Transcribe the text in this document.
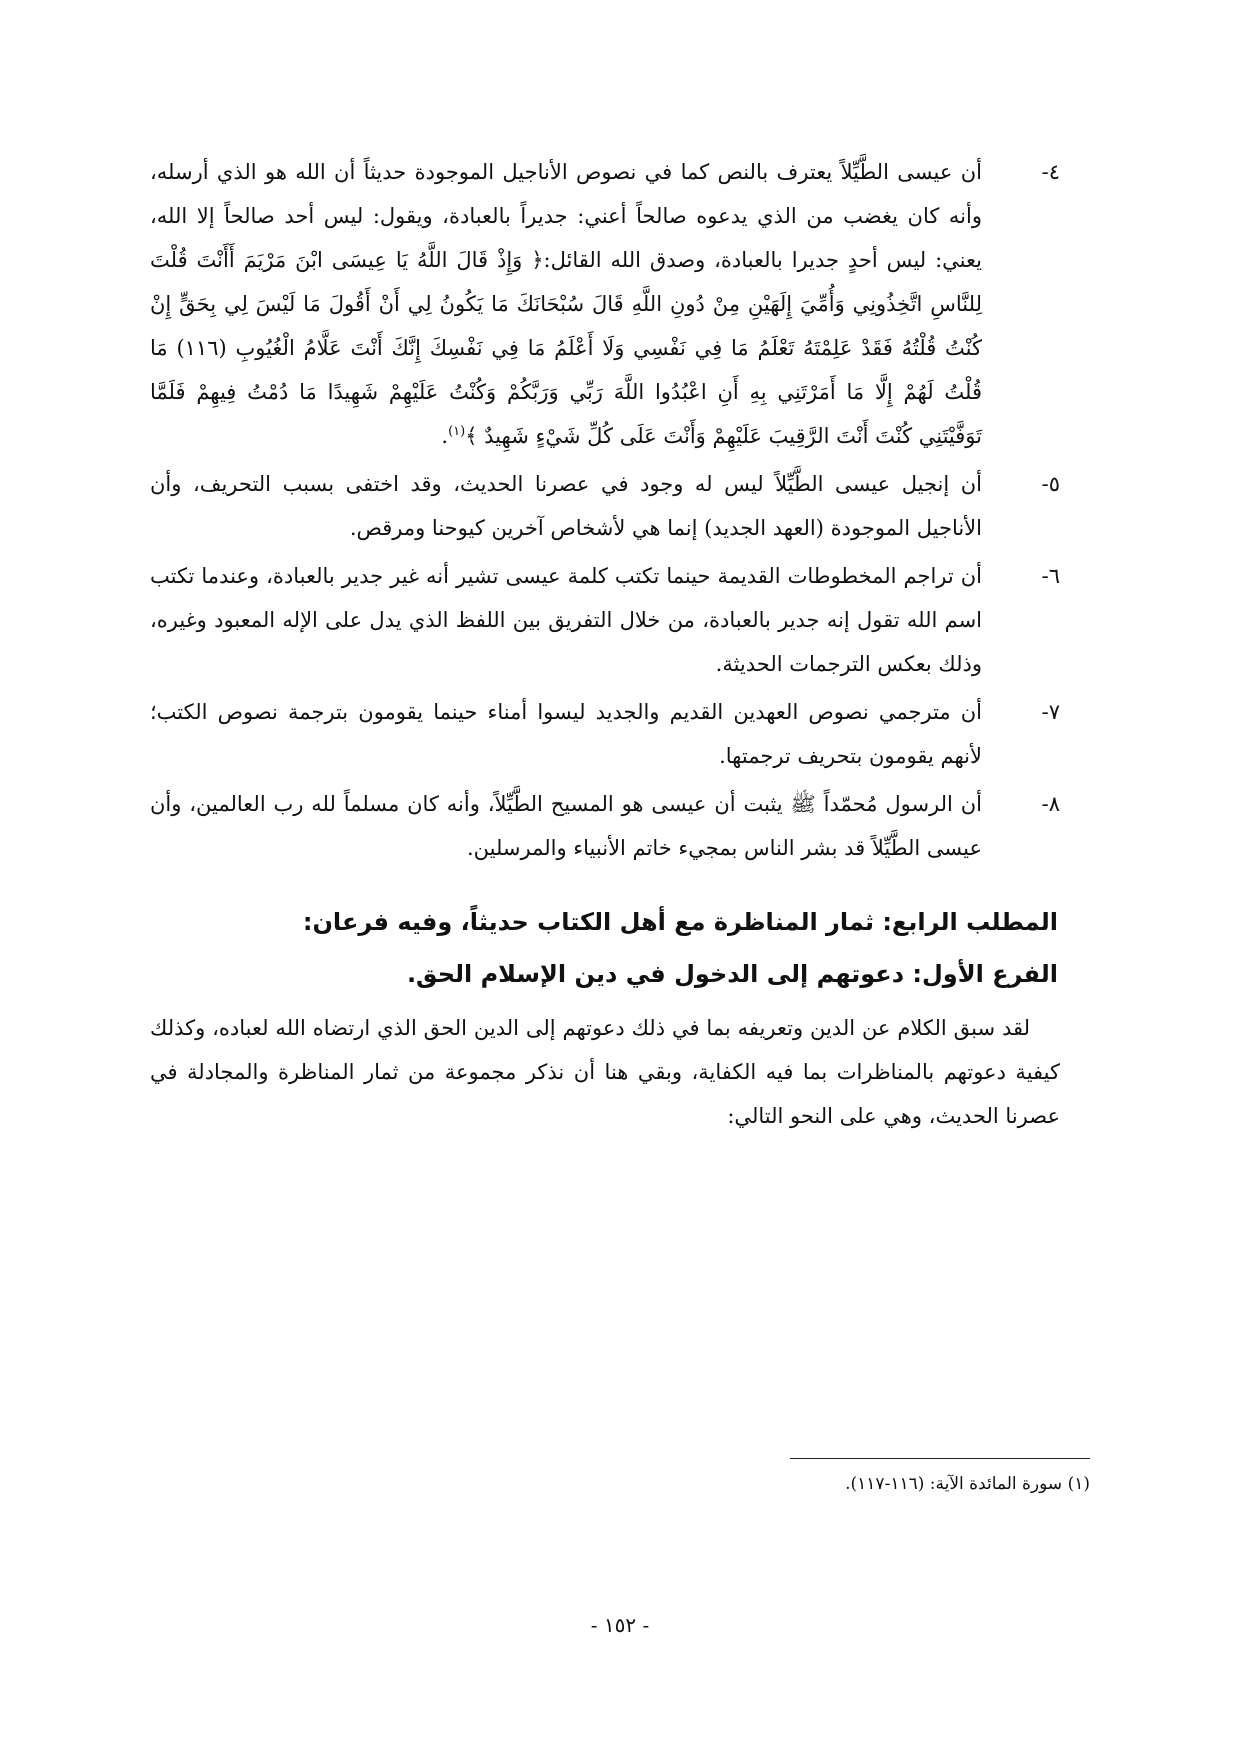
٤-
أن عيسى الطَّيِّلاً يعترف بالنص كما في نصوص الأناجيل الموجودة حديثاً أن الله هو الذي أرسله، وأنه كان يغضب من الذي يدعوه صالحاً أعني: جديراً بالعبادة، ويقول: ليس أحد صالحاً إلا الله، يعني: ليس أحدٍ جديرا بالعبادة، وصدق الله القائل:﴿ وَإِذْ قَالَ اللَّهُ يَا عِيسَى ابْنَ مَرْيَمَ أَأَنْتَ قُلْتَ لِلنَّاسِ اتَّخِذُونِي وَأُمِّيَ إِلَهَيْنِ مِنْ دُونِ اللَّهِ قَالَ سُبْحَانَكَ مَا يَكُونُ لِي أَنْ أَقُولَ مَا لَيْسَ لِي بِحَقٍّ إِنْ كُنْتُ قُلْتُهُ فَقَدْ عَلِمْتَهُ تَعْلَمُ مَا فِي نَفْسِي وَلَا أَعْلَمُ مَا فِي نَفْسِكَ إِنَّكَ أَنْتَ عَلَّامُ الْغُيُوبِ (١١٦) مَا قُلْتُ لَهُمْ إِلَّا مَا أَمَرْتَنِي بِهِ أَنِ اعْبُدُوا اللَّهَ رَبِّي وَرَبَّكُمْ وَكُنْتُ عَلَيْهِمْ شَهِيدًا مَا دُمْتُ فِيهِمْ فَلَمَّا تَوَفَّيْتَنِي كُنْتَ أَنْتَ الرَّقِيبَ عَلَيْهِمْ وَأَنْتَ عَلَى كُلِّ شَيْءٍ شَهِيدٌ ﴾$^{(١)}$.
٥-
أن إنجيل عيسى الطَّيِّلاً ليس له وجود في عصرنا الحديث، وقد اختفى بسبب التحريف، وأن الأناجيل الموجودة (العهد الجديد) إنما هي لأشخاص آخرين كيوحنا ومرقص.
٦-
أن تراجم المخطوطات القديمة حينما تكتب كلمة عيسى تشير أنه غير جدير بالعبادة، وعندما تكتب اسم الله تقول إنه جدير بالعبادة، من خلال التفريق بين اللفظ الذي يدل على الإله المعبود وغيره، وذلك بعكس الترجمات الحديثة.
٧-
أن مترجمي نصوص العهدين القديم والجديد ليسوا أمناء حينما يقومون بترجمة نصوص الكتب؛ لأنهم يقومون بتحريف ترجمتها.
٨-
أن الرسول مُحمّداً ﷺ يثبت أن عيسى هو المسيح الطَّيِّلاً، وأنه كان مسلماً لله رب العالمين، وأن عيسى الطَّيِّلاً قد بشر الناس بمجيء خاتم الأنبياء والمرسلين.
المطلب الرابع: ثمار المناظرة مع أهل الكتاب حديثاً، وفيه فرعان:
الفرع الأول: دعوتهم إلى الدخول في دين الإسلام الحق.

لقد سبق الكلام عن الدين وتعريفه بما في ذلك دعوتهم إلى الدين الحق الذي ارتضاه الله لعباده، وكذلك كيفية دعوتهم بالمناظرات بما فيه الكفاية، وبقي هنا أن نذكر مجموعة من ثمار المناظرة والمجادلة في عصرنا الحديث، وهي على النحو التالي:

(١) سورة المائدة الآية: (١١٦-١١٧).
- ١٥٢ -
